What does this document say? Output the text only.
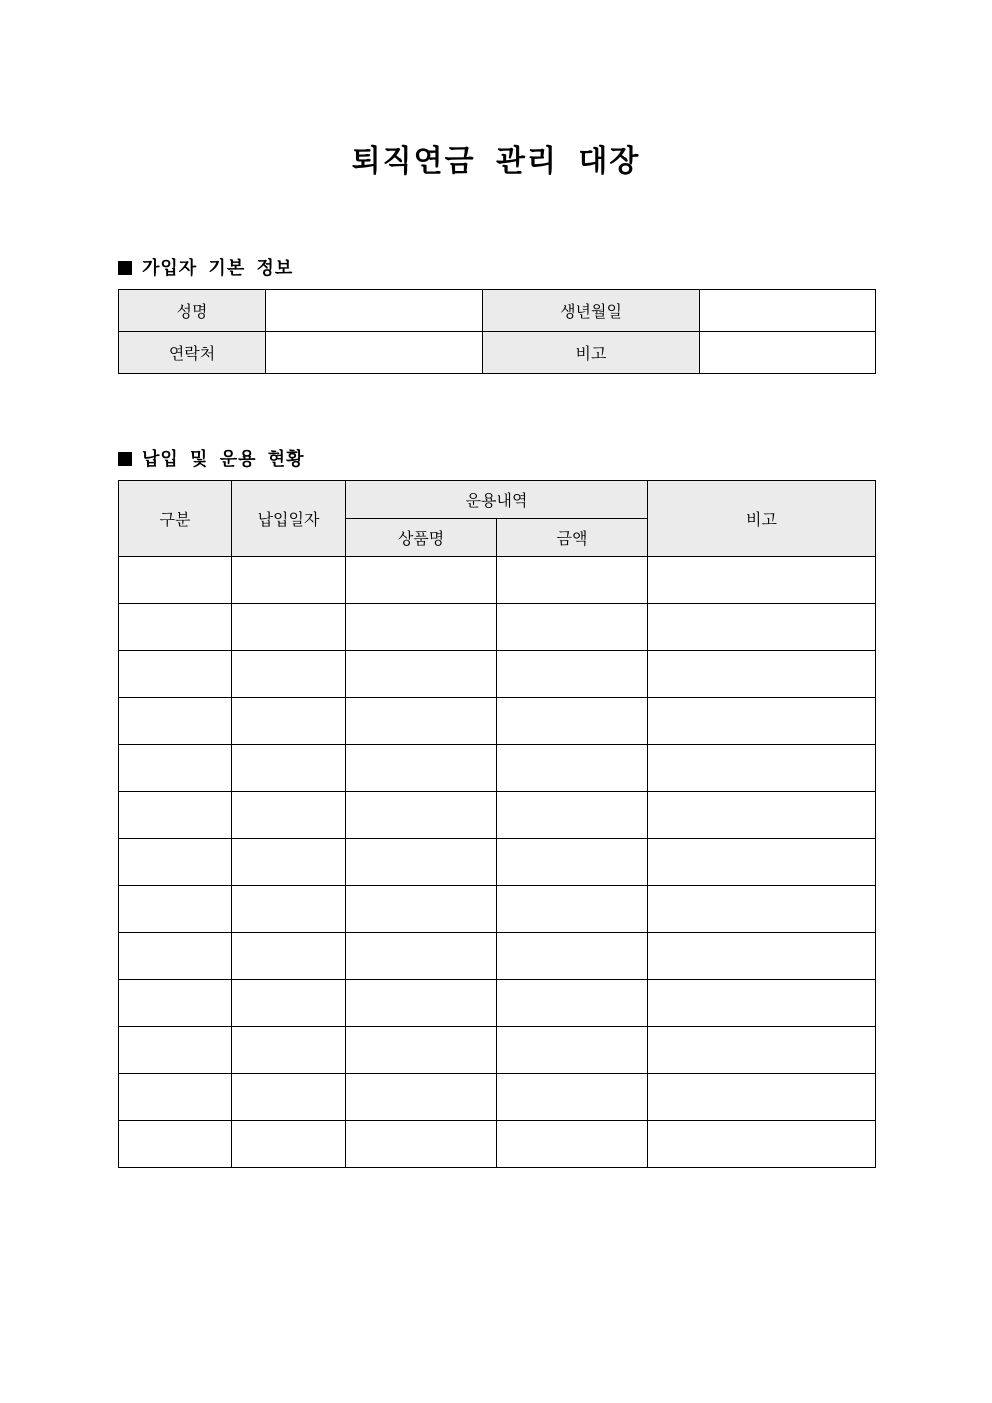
퇴직연금 관리 대장
가입자 기본 정보
성명		생년월일	
연락처		비고	
납입 및 운용 현황
구분	납입일자	운용내역		비고
		상품명	금액	
